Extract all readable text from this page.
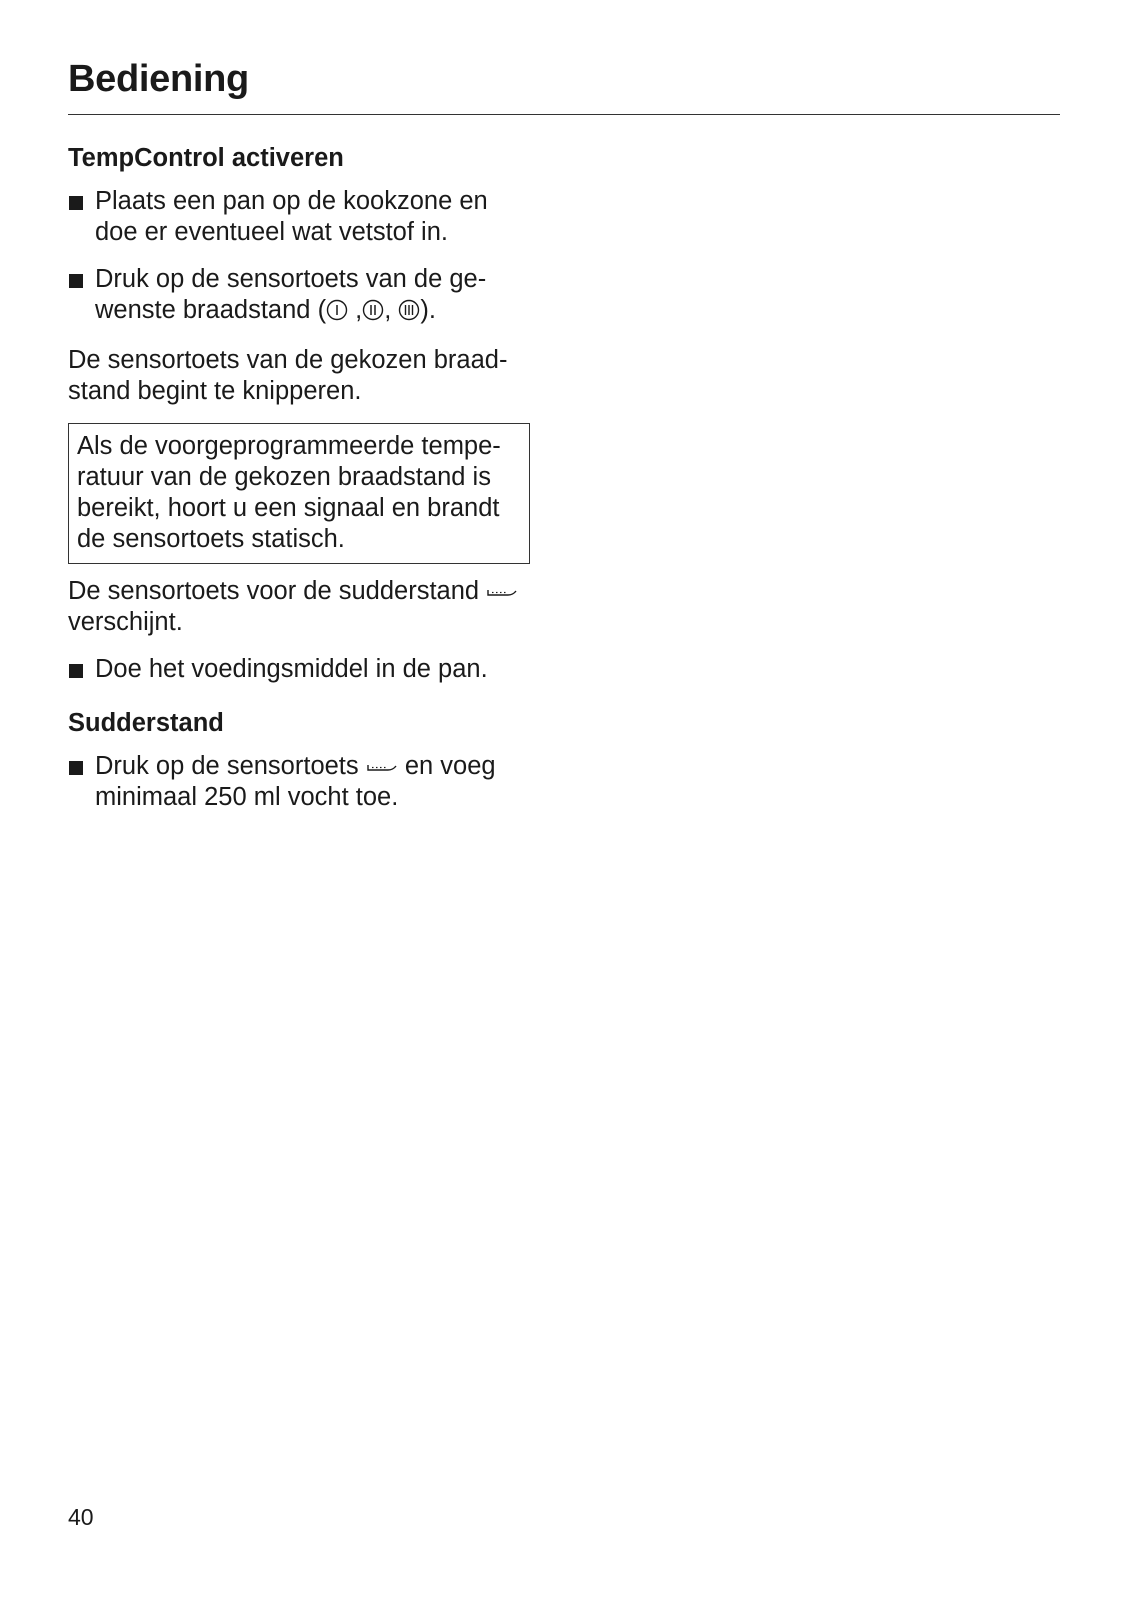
Bediening
TempControl activeren
Plaats een pan op de kookzone en
doe er eventueel wat vetstof in.
Druk op de sensortoets van de ge-
wenste braadstand ( , , ).
De sensortoets van de gekozen braad-
stand begint te knipperen.
Als de voorgeprogrammeerde tempe-
ratuur van de gekozen braadstand is
bereikt, hoort u een signaal en brandt
de sensortoets statisch.
De sensortoets voor de sudderstand
verschijnt.
Doe het voedingsmiddel in de pan.
Sudderstand
Druk op de sensortoets  en voeg
minimaal 250 ml vocht toe.
40
